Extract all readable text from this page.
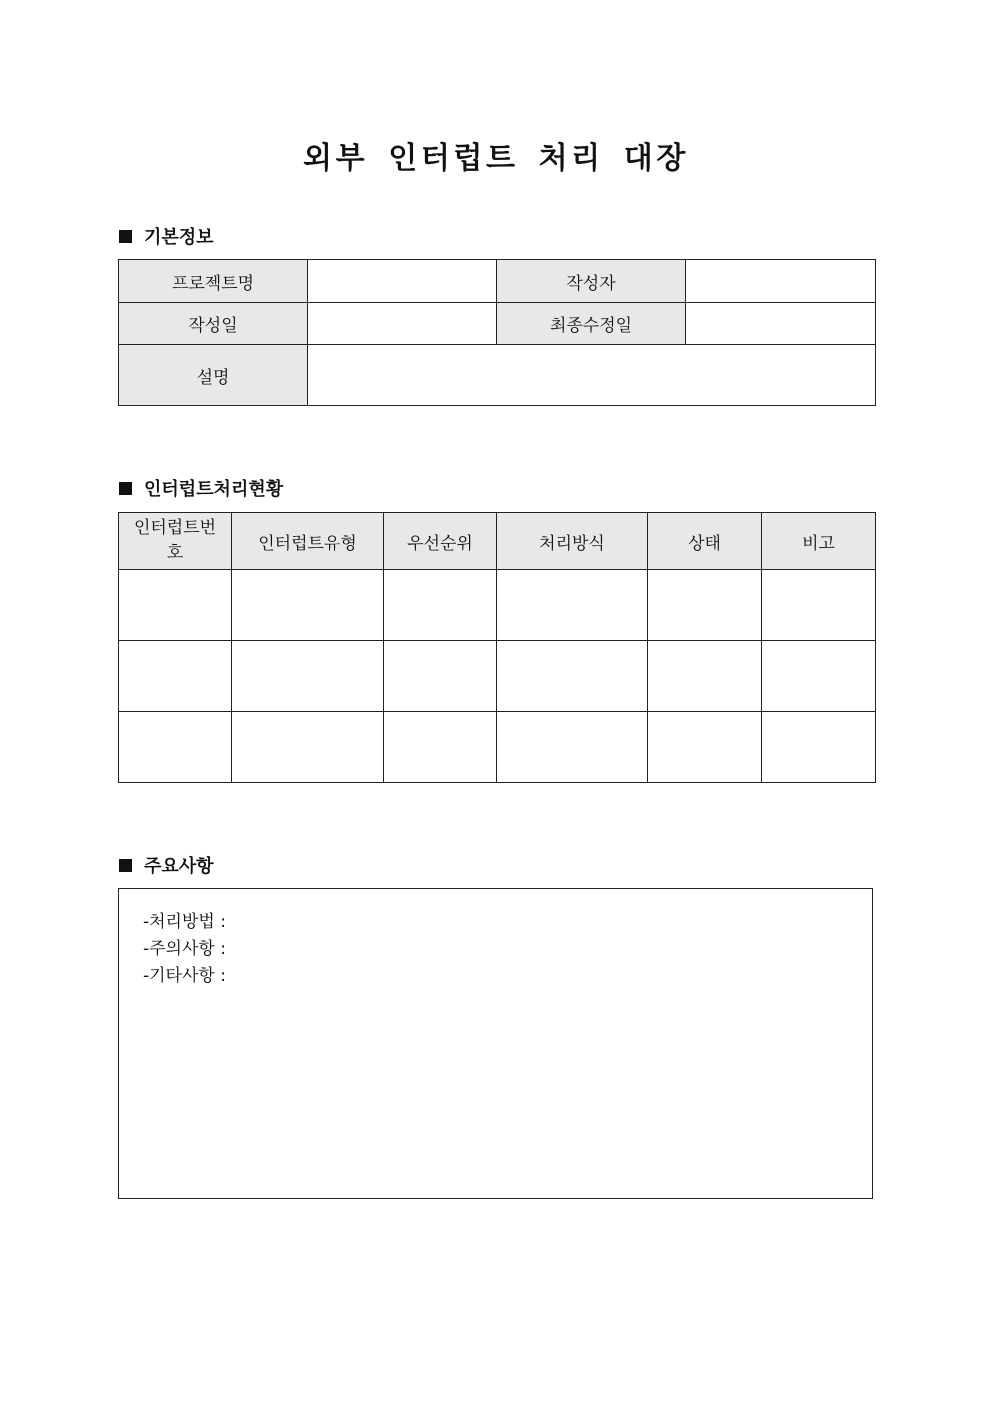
외부 인터럽트 처리 대장
기본정보
프로젝트명		작성자	
작성일		최종수정일	
설명			
인터럽트처리현황
인터럽트번호	인터럽트유형	우선순위	처리방식	상태	비고

주요사항
-처리방법 :
-주의사항 :
-기타사항 :
